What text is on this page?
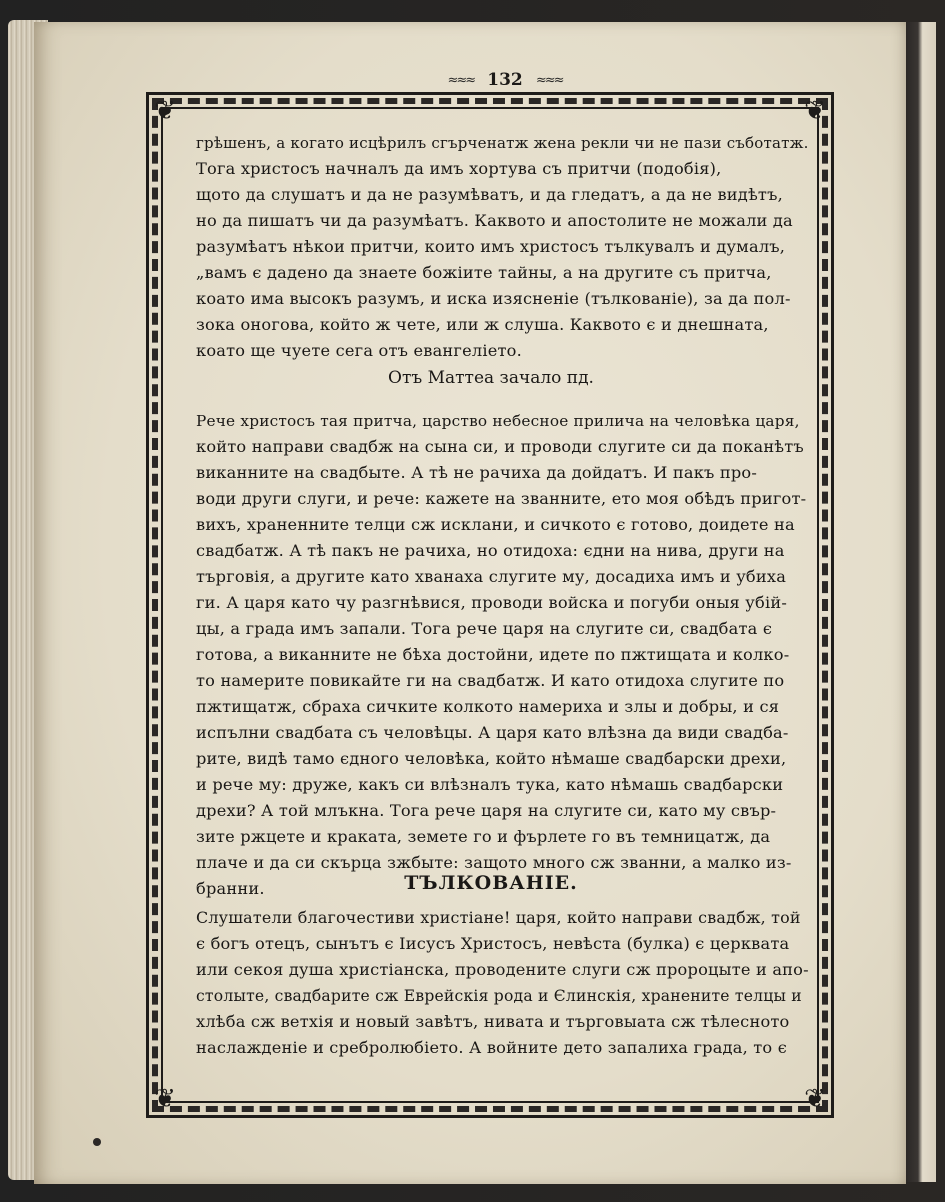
≈≈≈ 132 ≈≈≈
❦	❦
❦	❦
грѣшенъ, а когато исцѣрилъ сгърченатж жена рекли чи не пази съботатж.
Тога христосъ начналъ да имъ хортува съ притчи (подобія),
щото да слушатъ и да не разумѣватъ, и да гледатъ, а да не видѣтъ,
но да пишатъ чи да разумѣатъ. Каквото и апостолите не можали да
разумѣатъ нѣкои притчи, които имъ христосъ тълкувалъ и думалъ,
„вамъ є дадено да знаете божіите тайны, а на другите съ притча,
коато има высокъ разумъ, и иска изясненіе (тълкованіе), за да пол-
зока оногова, който ж чете, или ж слуша. Каквото є и днешната,
коато ще чуете сега отъ евангеліето.
Отъ Маттеа зачало пд.
Рече христосъ тая притча, царство небесное прилича на человѣка царя,
който направи свадбж на сына си, и проводи слугите си да поканѣтъ
виканните на свадбыте. А тѣ не рачиха да дойдатъ. И пакъ про-
води други слуги, и рече: кажете на званните, ето моя обѣдъ пригот-
вихъ, храненните телци сж исклани, и сичкото є готово, доидете на
свадбатж. А тѣ пакъ не рачиха, но отидоха: єдни на нива, други на
търговія, а другите като хванаха слугите му, досадиха имъ и убиха
ги. А царя като чу разгнѣвися, проводи войска и погуби оныя убій-
цы, а града имъ запали. Тога рече царя на слугите си, свадбата є
готова, а виканните не бѣха достойни, идете по пжтищата и колко-
то намерите повикайте ги на свадбатж. И като отидоха слугите по
пжтищатж, сбраха сичките колкото намериха и злы и добры, и ся
испълни свадбата съ человѣцы. А царя като влѣзна да види свадба-
рите, видѣ тамо єдного человѣка, който нѣмаше свадбарски дрехи,
и рече му: друже, какъ си влѣзналъ тука, като нѣмашь свадбарски
дрехи? А той млъкна. Тога рече царя на слугите си, като му свър-
зите ржцете и краката, земете го и фърлете го въ темницатж, да
плаче и да си скърца зжбыте: защото много сж званни, а малко из-
бранни.	ТЪЛКОВАНІЕ.
Слушатели благочестиви христіане! царя, който направи свадбж, той
є богъ отецъ, сынътъ є Іисусъ Христосъ, невѣста (булка) є церквата
или секоя душа христіанска, проводените слуги сж пророцыте и апо-
столыте, свадбарите сж Еврейскія рода и Єлинскія, хранените телцы и
хлѣба сж ветхія и новый завѣтъ, нивата и търговыата сж тѣлесното
наслажденіе и сребролюбіето. А войните дето запалиха града, то є
